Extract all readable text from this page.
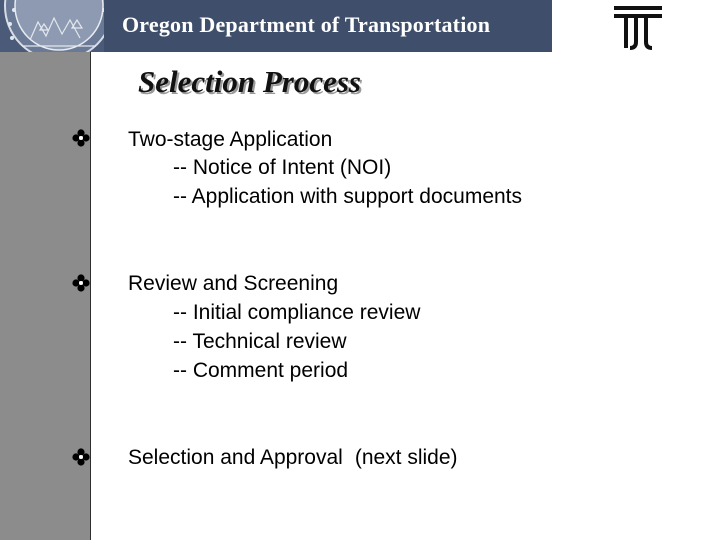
Oregon Department of Transportation
Selection Process
Two-stage Application
-- Notice of Intent (NOI)
-- Application with support documents
Review and Screening
-- Initial compliance review
-- Technical review
-- Comment period
Selection and Approval (next slide)
